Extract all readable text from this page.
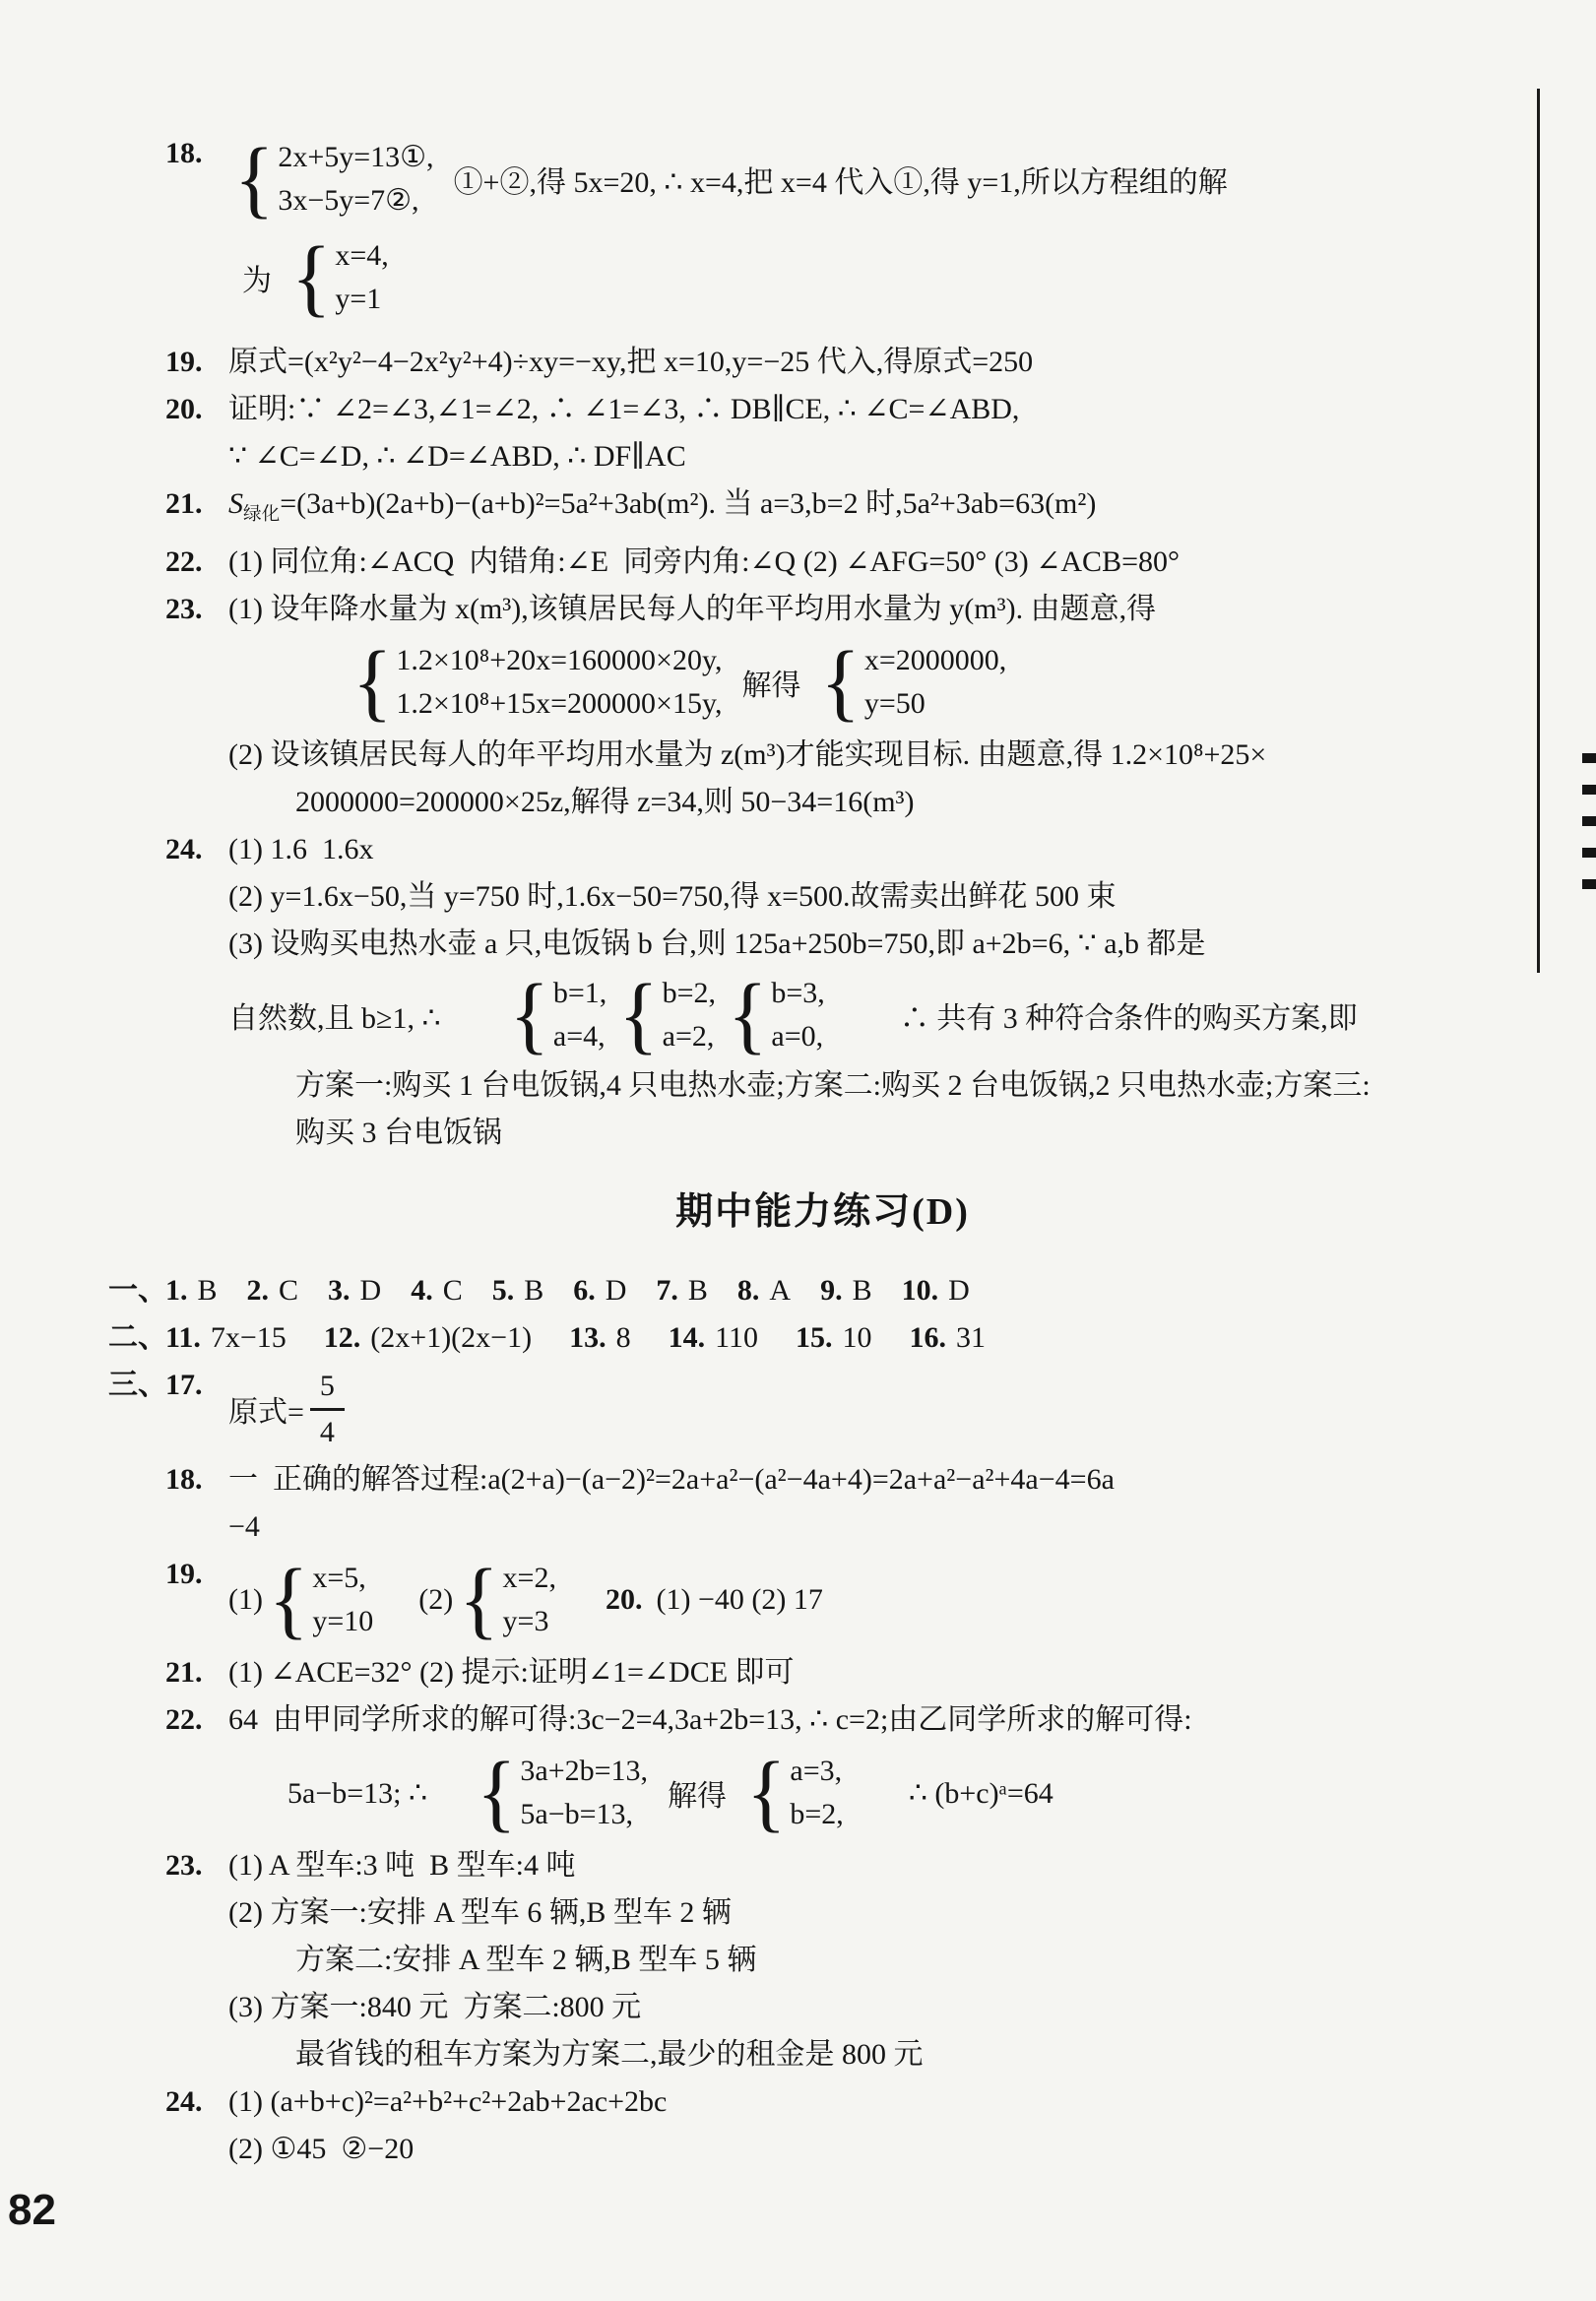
18. { 2x+5y=13①,
3x−5y=7②,
①+②,得 5x=20, ∴ x=4,把 x=4 代入①,得 y=1,所以方程组的解
为 { x=4,
y=1
19. 原式=(x²y²−4−2x²y²+4)÷xy=−xy,把 x=10,y=−25 代入,得原式=250
20. 证明:∵ ∠2=∠3,∠1=∠2, ∴ ∠1=∠3, ∴ DB∥CE, ∴ ∠C=∠ABD,
∵ ∠C=∠D, ∴ ∠D=∠ABD, ∴ DF∥AC
21. $S_{绿化}=(3a+b)(2a+b)-(a+b)^2=5a^2+3ab(m^2)$. 当 a=3,b=2 时,5a²+3ab=63(m²)
22. (1) 同位角:∠ACQ  内错角:∠E  同旁内角:∠Q (2) ∠AFG=50° (3) ∠ACB=80°
23. (1) 设年降水量为 x(m³),该镇居民每人的年平均用水量为 y(m³). 由题意,得
{ 1.2×10⁸+20x=160000×20y,
1.2×10⁸+15x=200000×15y,
解得 { x=2000000,
y=50
(2) 设该镇居民每人的年平均用水量为 z(m³)才能实现目标. 由题意,得 1.2×10⁸+25×
2000000=200000×25z,解得 z=34,则 50−34=16(m³)
24. (1) 1.6  1.6x
(2) y=1.6x−50,当 y=750 时,1.6x−50=750,得 x=500.故需卖出鲜花 500 束
(3) 设购买电热水壶 a 只,电饭锅 b 台,则 125a+250b=750,即 a+2b=6, ∵ a,b 都是
自然数,且 b≥1, ∴ { b=1,
a=4, { b=2,
a=2, { b=3,
a=0,
∴ 共有 3 种符合条件的购买方案,即
方案一:购买 1 台电饭锅,4 只电热水壶;方案二:购买 2 台电饭锅,2 只电热水壶;方案三:
购买 3 台电饭锅
期中能力练习(D)
一、
1. B 2. C 3. D 4. C 5. B 6. D 7. B 8. A 9. B 10. D
二、
11. 7x−15 12. (2x+1)(2x−1) 13. 8 14. 110 15. 10 16. 31
三、
17.
原式= $\frac{5}{4}$
18. 一  正确的解答过程:a(2+a)−(a−2)²=2a+a²−(a²−4a+4)=2a+a²−a²+4a−4=6a
−4
19.
(1) { x=5,
y=10
(2) { x=2,
y=3
20. (1) −40 (2) 17
21. (1) ∠ACE=32° (2) 提示:证明∠1=∠DCE 即可
22. 64  由甲同学所求的解可得:3c−2=4,3a+2b=13, ∴ c=2;由乙同学所求的解可得:
5a−b=13; ∴ { 3a+2b=13,
5a−b=13,
解得 { a=3,
b=2,
∴ (b+c)ᵃ=64
23. (1) A 型车:3 吨  B 型车:4 吨
(2) 方案一:安排 A 型车 6 辆,B 型车 2 辆
方案二:安排 A 型车 2 辆,B 型车 5 辆
(3) 方案一:840 元  方案二:800 元
最省钱的租车方案为方案二,最少的租金是 800 元
24. (1) (a+b+c)²=a²+b²+c²+2ab+2ac+2bc
(2) ①45  ②−20
82
